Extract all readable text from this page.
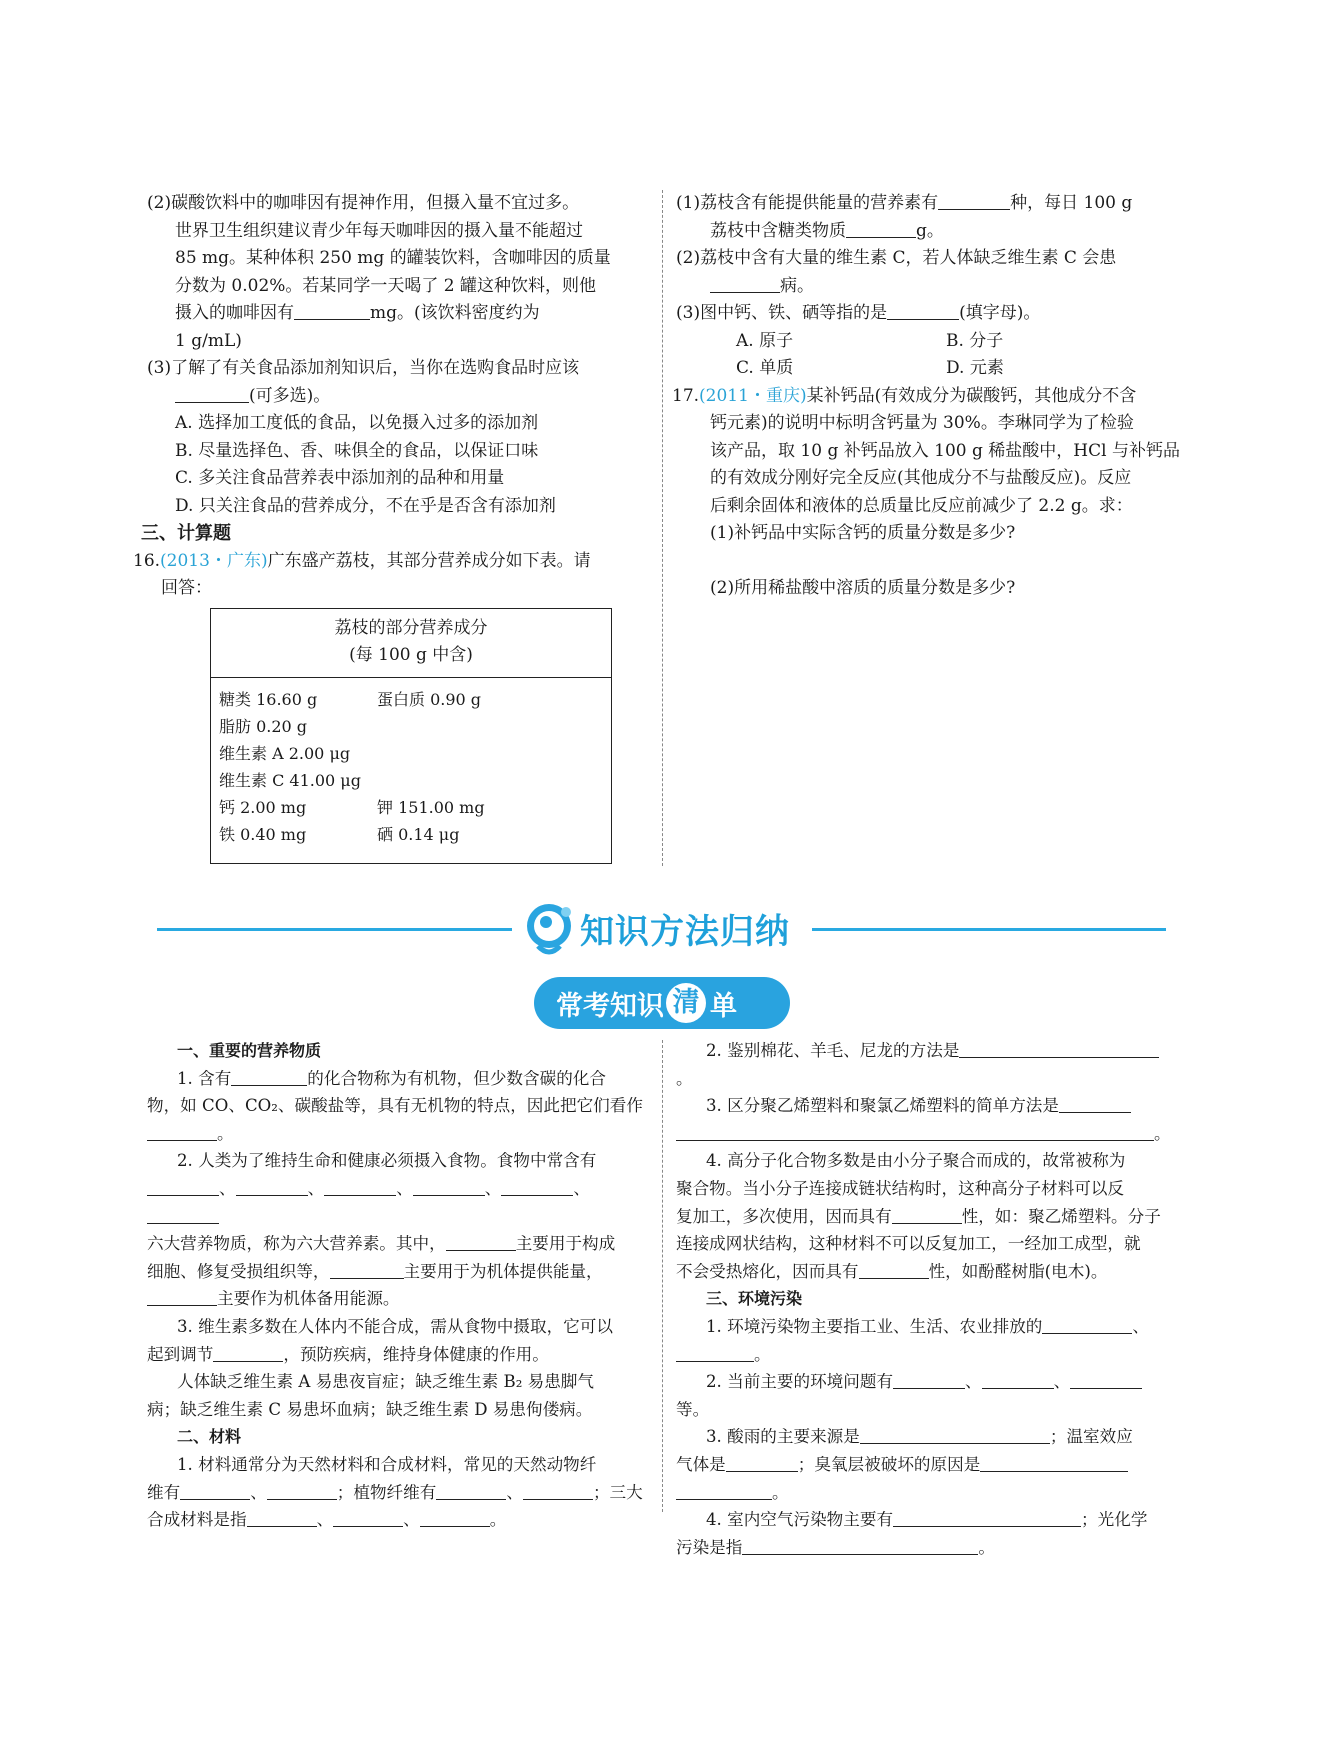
(2)碳酸饮料中的咖啡因有提神作用，但摄入量不宜过多。

世界卫生组织建议青少年每天咖啡因的摄入量不能超过

85 mg。某种体积 250 mg 的罐装饮料，含咖啡因的质量

分数为 0.02%。若某同学一天喝了 2 罐这种饮料，则他

摄入的咖啡因有	mg。(该饮料密度约为

1 g/mL)

(3)了解了有关食品添加剂知识后，当你在选购食品时应该

(可多选)。

A. 选择加工度低的食品，以免摄入过多的添加剂

B. 尽量选择色、香、味俱全的食品，以保证口味

C. 多关注食品营养表中添加剂的品种和用量

D. 只关注食品的营养成分，不在乎是否含有添加剂

三、计算题

16.(2013・广东)广东盛产荔枝，其部分营养成分如下表。请

回答：

荔枝的部分营养成分
(每 100 g 中含)
糖类 16.60 g	蛋白质 0.90 g
脂肪 0.20 g
维生素 A 2.00 μg
维生素 C 41.00 μg
钙 2.00 mg	钾 151.00 mg
铁 0.40 mg	硒 0.14 μg

(1)荔枝含有能提供能量的营养素有	种，每日 100 g

荔枝中含糖类物质	g。

(2)荔枝中含有大量的维生素 C，若人体缺乏维生素 C 会患

病。

(3)图中钙、铁、硒等指的是	(填字母)。

A. 原子	B. 分子
C. 单质	D. 元素

17.(2011・重庆)某补钙品(有效成分为碳酸钙，其他成分不含

钙元素)的说明中标明含钙量为 30%。李琳同学为了检验

该产品，取 10 g 补钙品放入 100 g 稀盐酸中，HCl 与补钙品

的有效成分刚好完全反应(其他成分不与盐酸反应)。反应

后剩余固体和液体的总质量比反应前减少了 2.2 g。求：

(1)补钙品中实际含钙的质量分数是多少?

(2)所用稀盐酸中溶质的质量分数是多少?

知识方法归纳
常考知识 清 单

一、重要的营养物质

1. 含有	的化合物称为有机物，但少数含碳的化合

物，如 CO、CO₂、碳酸盐等，具有无机物的特点，因此把它们看作

。

2. 人类为了维持生命和健康必须摄入食物。食物中常含有

、	、	、	、	、

六大营养物质，称为六大营养素。其中，	主要用于构成

细胞、修复受损组织等，	主要用于为机体提供能量，

主要作为机体备用能源。

3. 维生素多数在人体内不能合成，需从食物中摄取，它可以

起到调节	，预防疾病，维持身体健康的作用。

人体缺乏维生素 A 易患夜盲症；缺乏维生素 B₂ 易患脚气

病；缺乏维生素 C 易患坏血病；缺乏维生素 D 易患佝偻病。

二、材料

1. 材料通常分为天然材料和合成材料，常见的天然动物纤

维有	、	；植物纤维有	、	；三大

合成材料是指	、	、	。

2. 鉴别棉花、羊毛、尼龙的方法是。

3. 区分聚乙烯塑料和聚氯乙烯塑料的简单方法是

。

4. 高分子化合物多数是由小分子聚合而成的，故常被称为

聚合物。当小分子连接成链状结构时，这种高分子材料可以反

复加工，多次使用，因而具有	性，如：聚乙烯塑料。分子

连接成网状结构，这种材料不可以反复加工，一经加工成型，就

不会受热熔化，因而具有	性，如酚醛树脂(电木)。

三、环境污染

1. 环境污染物主要指工业、生活、农业排放的	、

。

2. 当前主要的环境问题有	、	、等。

3. 酸雨的主要来源是	；温室效应

气体是	；臭氧层被破坏的原因是

。

4. 室内空气污染物主要有	；光化学

污染是指	。
